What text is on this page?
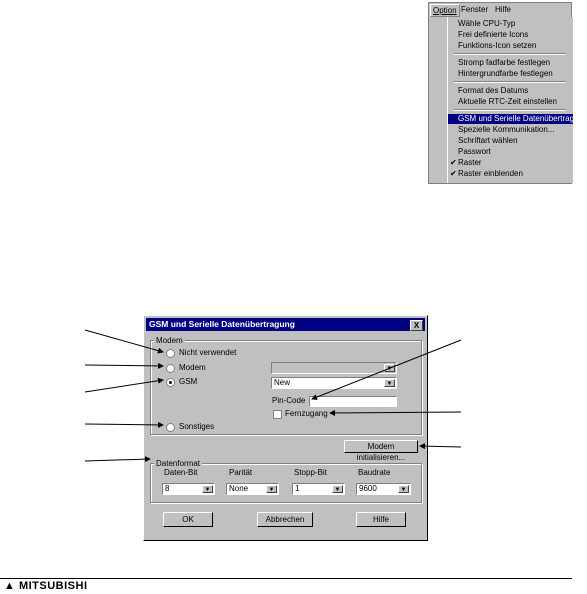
Option Fenster Hilfe
Wähle CPU-Typ
Frei definierte Icons
Funktions-Icon setzen
Stromp fadfarbe festlegen
Hintergrundfarbe festlegen
Format des Datums
Aktuelle RTC-Zeit einstellen
GSM und Serielle Datenübertragung
Spezielle Kommunikation...
Schriftart wählen
Passwort
✔ Raster
✔ Raster einblenden
GSM und Serielle Datenübertragung	X
Modem
Nicht verwendet
Modem
GSM
Sonstiges
▼
New	▼
Pin-Code
Fernzugang
Modem initialisieren...
Datenformat
Daten-Bit
8	▼
Parität
None	▼
Stopp-Bit
1	▼
Baudrate
9600	▼
OK	Abbrechen	Hilfe
▲ MITSUBISHI
